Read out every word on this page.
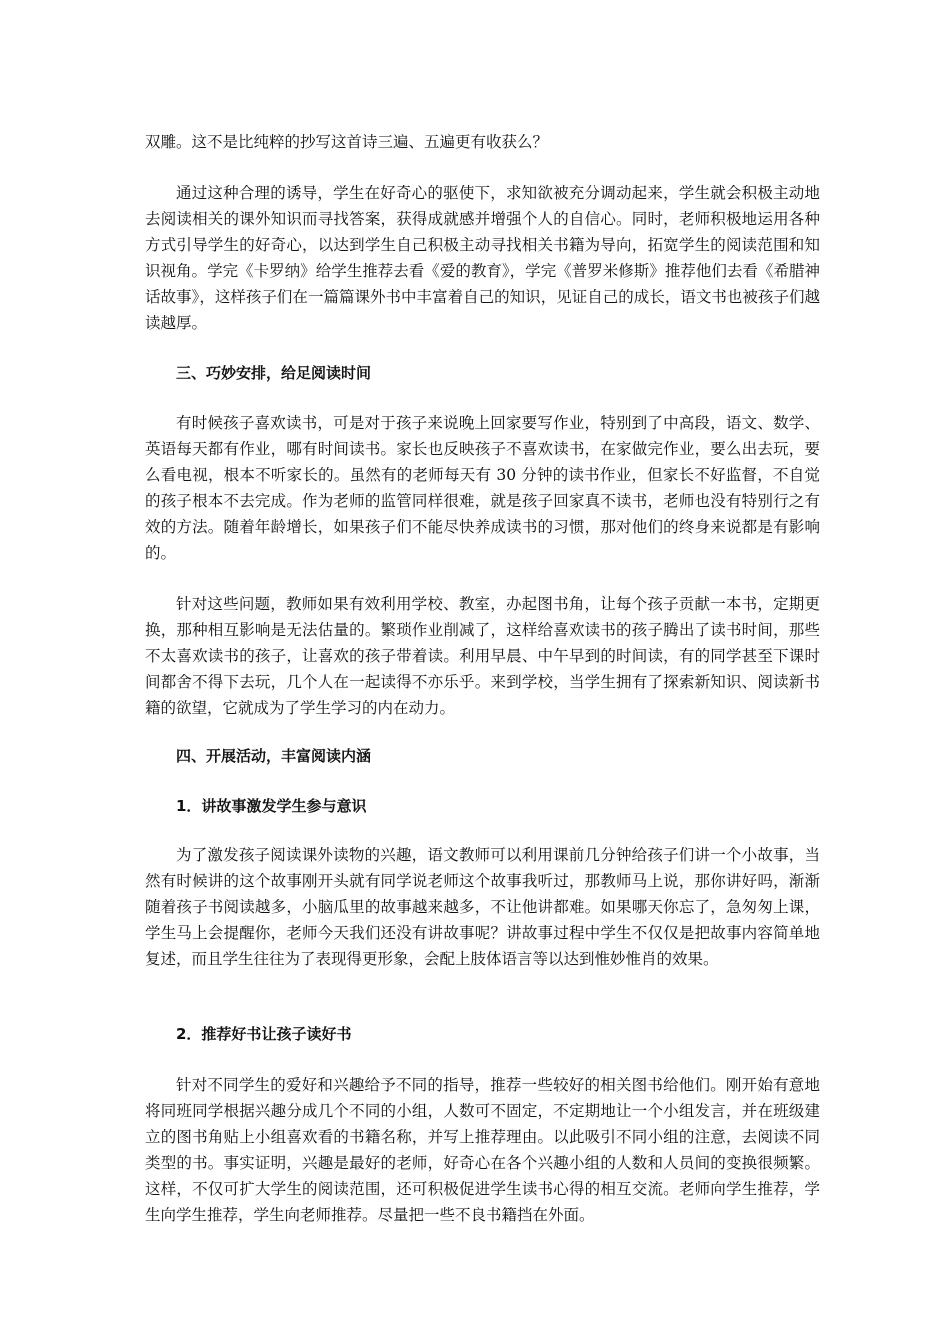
双雕。这不是比纯粹的抄写这首诗三遍、五遍更有收获么？

通过这种合理的诱导，学生在好奇心的驱使下，求知欲被充分调动起来，学生就会积极主动地去阅读相关的课外知识而寻找答案，获得成就感并增强个人的自信心。同时，老师积极地运用各种方式引导学生的好奇心，以达到学生自己积极主动寻找相关书籍为导向，拓宽学生的阅读范围和知识视角。学完《卡罗纳》给学生推荐去看《爱的教育》，学完《普罗米修斯》推荐他们去看《希腊神话故事》，这样孩子们在一篇篇课外书中丰富着自己的知识，见证自己的成长，语文书也被孩子们越读越厚。

三、巧妙安排，给足阅读时间

有时候孩子喜欢读书，可是对于孩子来说晚上回家要写作业，特别到了中高段，语文、数学、英语每天都有作业，哪有时间读书。家长也反映孩子不喜欢读书，在家做完作业，要么出去玩，要么看电视，根本不听家长的。虽然有的老师每天有 30 分钟的读书作业，但家长不好监督，不自觉的孩子根本不去完成。作为老师的监管同样很难，就是孩子回家真不读书，老师也没有特别行之有效的方法。随着年龄增长，如果孩子们不能尽快养成读书的习惯，那对他们的终身来说都是有影响的。

针对这些问题，教师如果有效利用学校、教室，办起图书角，让每个孩子贡献一本书，定期更换，那种相互影响是无法估量的。繁琐作业削减了，这样给喜欢读书的孩子腾出了读书时间，那些不太喜欢读书的孩子，让喜欢的孩子带着读。利用早晨、中午早到的时间读，有的同学甚至下课时间都舍不得下去玩，几个人在一起读得不亦乐乎。来到学校，当学生拥有了探索新知识、阅读新书籍的欲望，它就成为了学生学习的内在动力。

四、开展活动，丰富阅读内涵
1．讲故事激发学生参与意识

为了激发孩子阅读课外读物的兴趣，语文教师可以利用课前几分钟给孩子们讲一个小故事，当然有时候讲的这个故事刚开头就有同学说老师这个故事我听过，那教师马上说，那你讲好吗，渐渐随着孩子书阅读越多，小脑瓜里的故事越来越多，不让他讲都难。如果哪天你忘了，急匆匆上课，学生马上会提醒你，老师今天我们还没有讲故事呢？讲故事过程中学生不仅仅是把故事内容简单地复述，而且学生往往为了表现得更形象，会配上肢体语言等以达到惟妙惟肖的效果。

2．推荐好书让孩子读好书

针对不同学生的爱好和兴趣给予不同的指导，推荐一些较好的相关图书给他们。刚开始有意地将同班同学根据兴趣分成几个不同的小组，人数可不固定，不定期地让一个小组发言，并在班级建立的图书角贴上小组喜欢看的书籍名称，并写上推荐理由。以此吸引不同小组的注意，去阅读不同类型的书。事实证明，兴趣是最好的老师，好奇心在各个兴趣小组的人数和人员间的变换很频繁。这样，不仅可扩大学生的阅读范围，还可积极促进学生读书心得的相互交流。老师向学生推荐，学生向学生推荐，学生向老师推荐。尽量把一些不良书籍挡在外面。
